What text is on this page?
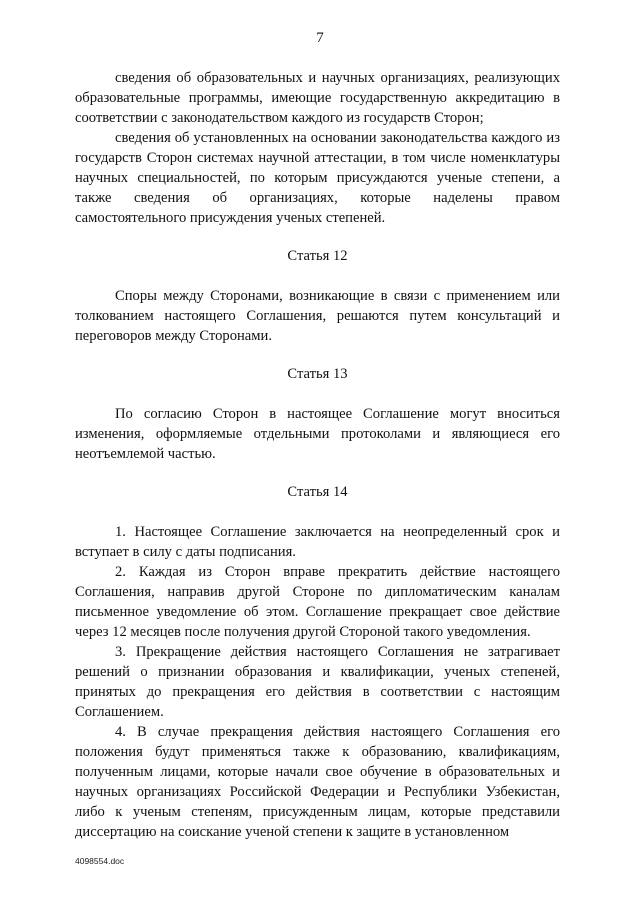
7

сведения об образовательных и научных организациях, реализующих образовательные программы, имеющие государственную аккредитацию в соответствии с законодательством каждого из государств Сторон;

сведения об установленных на основании законодательства каждого из государств Сторон системах научной аттестации, в том числе номенклатуры научных специальностей, по которым присуждаются ученые степени, а также сведения об организациях, которые наделены правом самостоятельного присуждения ученых степеней.

Статья 12

Споры между Сторонами, возникающие в связи с применением или толкованием настоящего Соглашения, решаются путем консультаций и переговоров между Сторонами.

Статья 13

По согласию Сторон в настоящее Соглашение могут вноситься изменения, оформляемые отдельными протоколами и являющиеся его неотъемлемой частью.

Статья 14

1. Настоящее Соглашение заключается на неопределенный срок и вступает в силу с даты подписания.

2. Каждая из Сторон вправе прекратить действие настоящего Соглашения, направив другой Стороне по дипломатическим каналам письменное уведомление об этом. Соглашение прекращает свое действие через 12 месяцев после получения другой Стороной такого уведомления.

3. Прекращение действия настоящего Соглашения не затрагивает решений о признании образования и квалификации, ученых степеней, принятых до прекращения его действия в соответствии с настоящим Соглашением.

4. В случае прекращения действия настоящего Соглашения его положения будут применяться также к образованию, квалификациям, полученным лицами, которые начали свое обучение в образовательных и научных организациях Российской Федерации и Республики Узбекистан, либо к ученым степеням, присужденным лицам, которые представили диссертацию на соискание ученой степени к защите в установленном

4098554.doc
